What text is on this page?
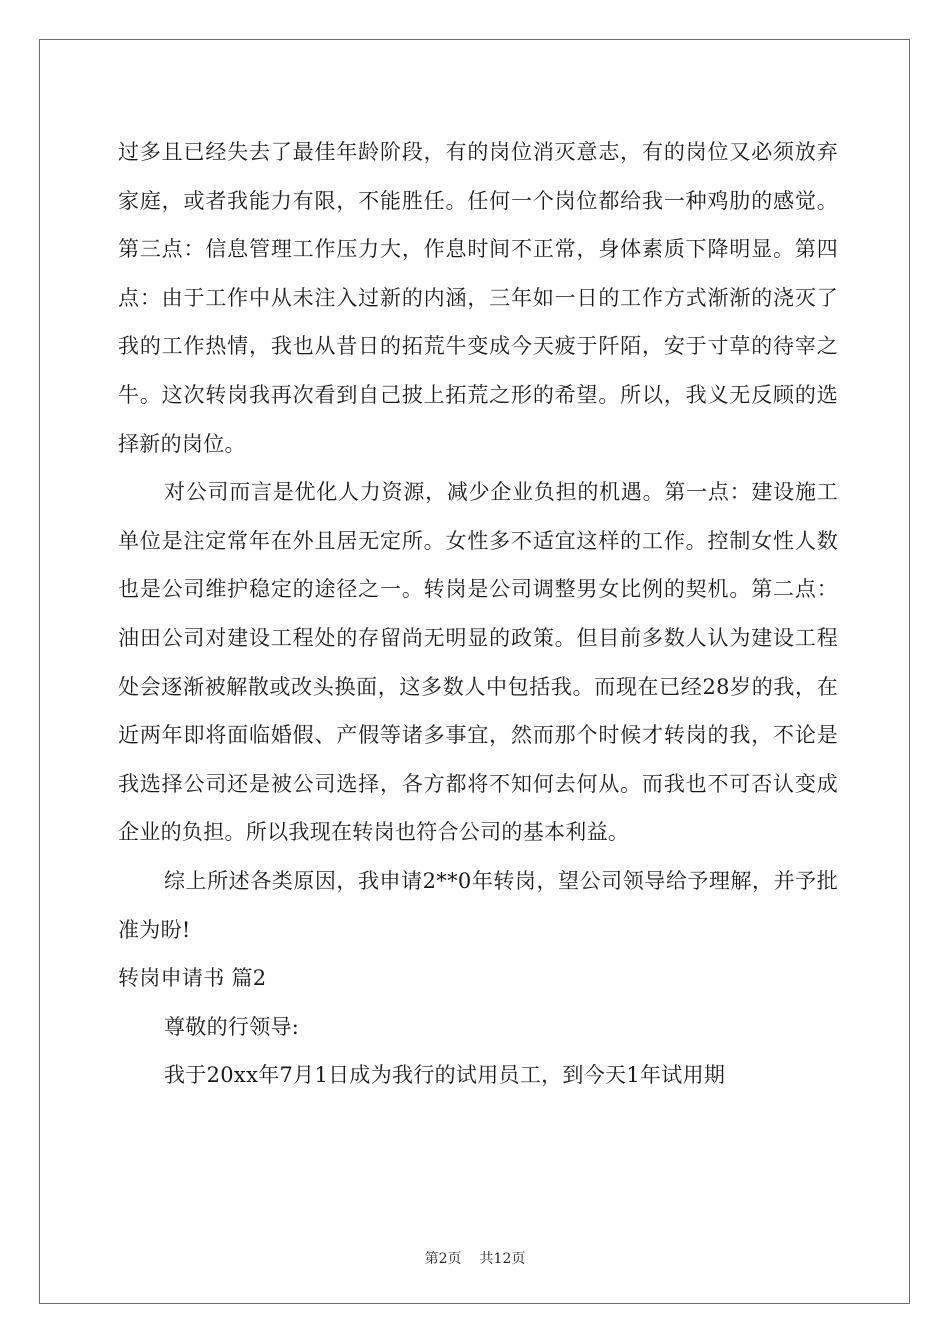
过多且已经失去了最佳年龄阶段，有的岗位消灭意志，有的岗位又必须放弃家庭，或者我能力有限，不能胜任。任何一个岗位都给我一种鸡肋的感觉。第三点：信息管理工作压力大，作息时间不正常，身体素质下降明显。第四点：由于工作中从未注入过新的内涵，三年如一日的工作方式渐渐的浇灭了我的工作热情，我也从昔日的拓荒牛变成今天疲于阡陌，安于寸草的待宰之牛。这次转岗我再次看到自己披上拓荒之形的希望。所以，我义无反顾的选择新的岗位。

对公司而言是优化人力资源，减少企业负担的机遇。第一点：建设施工单位是注定常年在外且居无定所。女性多不适宜这样的工作。控制女性人数也是公司维护稳定的途径之一。转岗是公司调整男女比例的契机。第二点：油田公司对建设工程处的存留尚无明显的政策。但目前多数人认为建设工程处会逐渐被解散或改头换面，这多数人中包括我。而现在已经28岁的我，在近两年即将面临婚假、产假等诸多事宜，然而那个时候才转岗的我，不论是我选择公司还是被公司选择，各方都将不知何去何从。而我也不可否认变成企业的负担。所以我现在转岗也符合公司的基本利益。

综上所述各类原因，我申请2**0年转岗，望公司领导给予理解，并予批准为盼!

转岗申请书 篇2

尊敬的行领导:

我于20xx年7月1日成为我行的试用员工，到今天1年试用期

第2页 共12页
